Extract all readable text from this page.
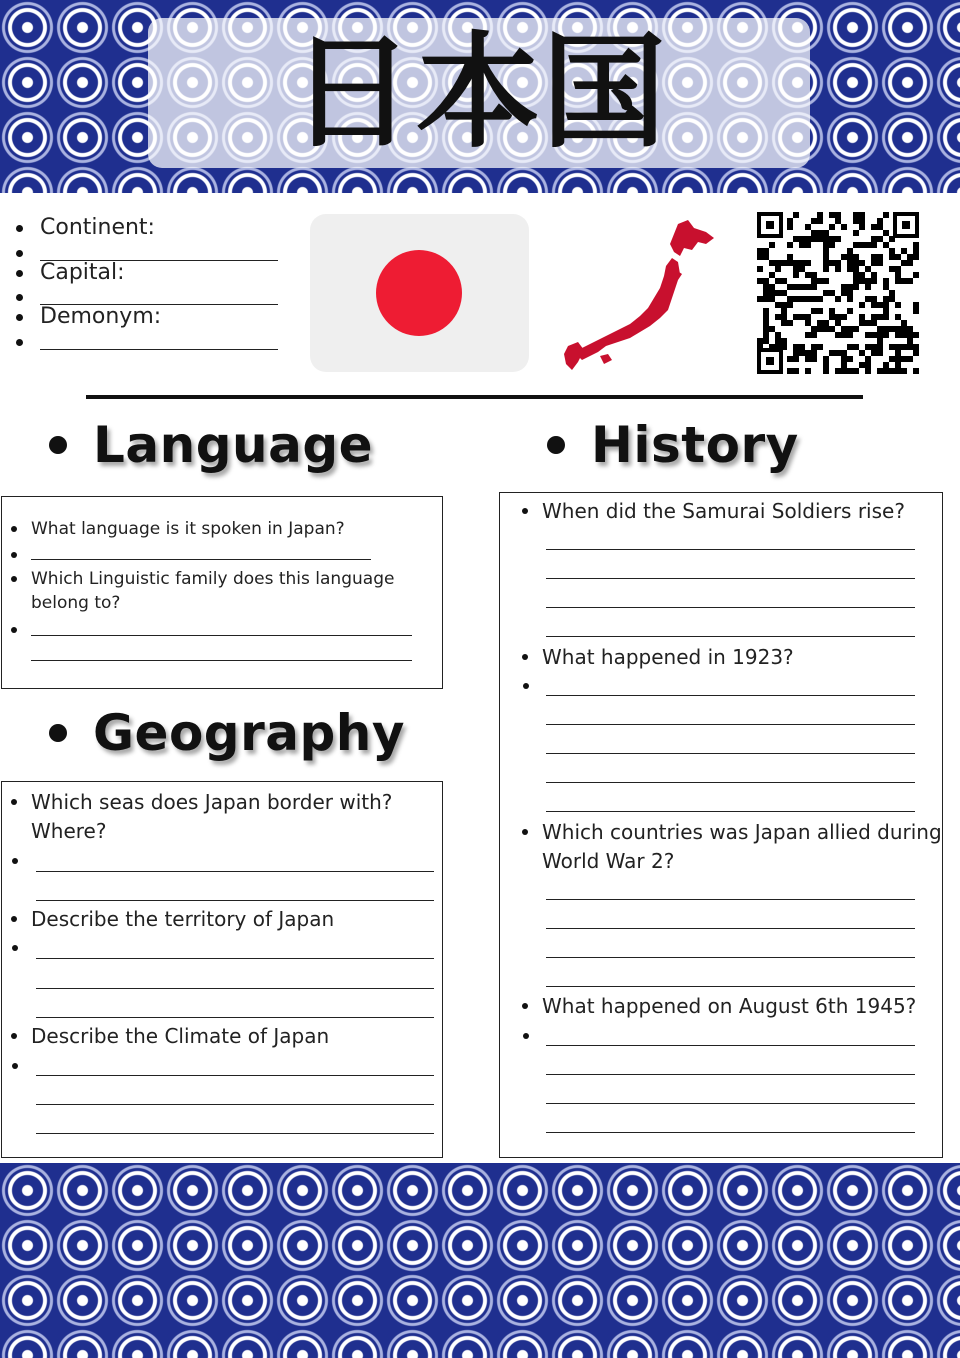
日本国
Continent:
Capital:
Demonym:
Language	History
Geography
What language is it spoken in Japan?
Which Linguistic family does this language belong to?
Which seas does Japan border with? Where?
Describe the territory of Japan
Describe the Climate of Japan
When did the Samurai Soldiers rise?
What happened in 1923?
Which countries was Japan allied during World War 2?
What happened on August 6th 1945?
